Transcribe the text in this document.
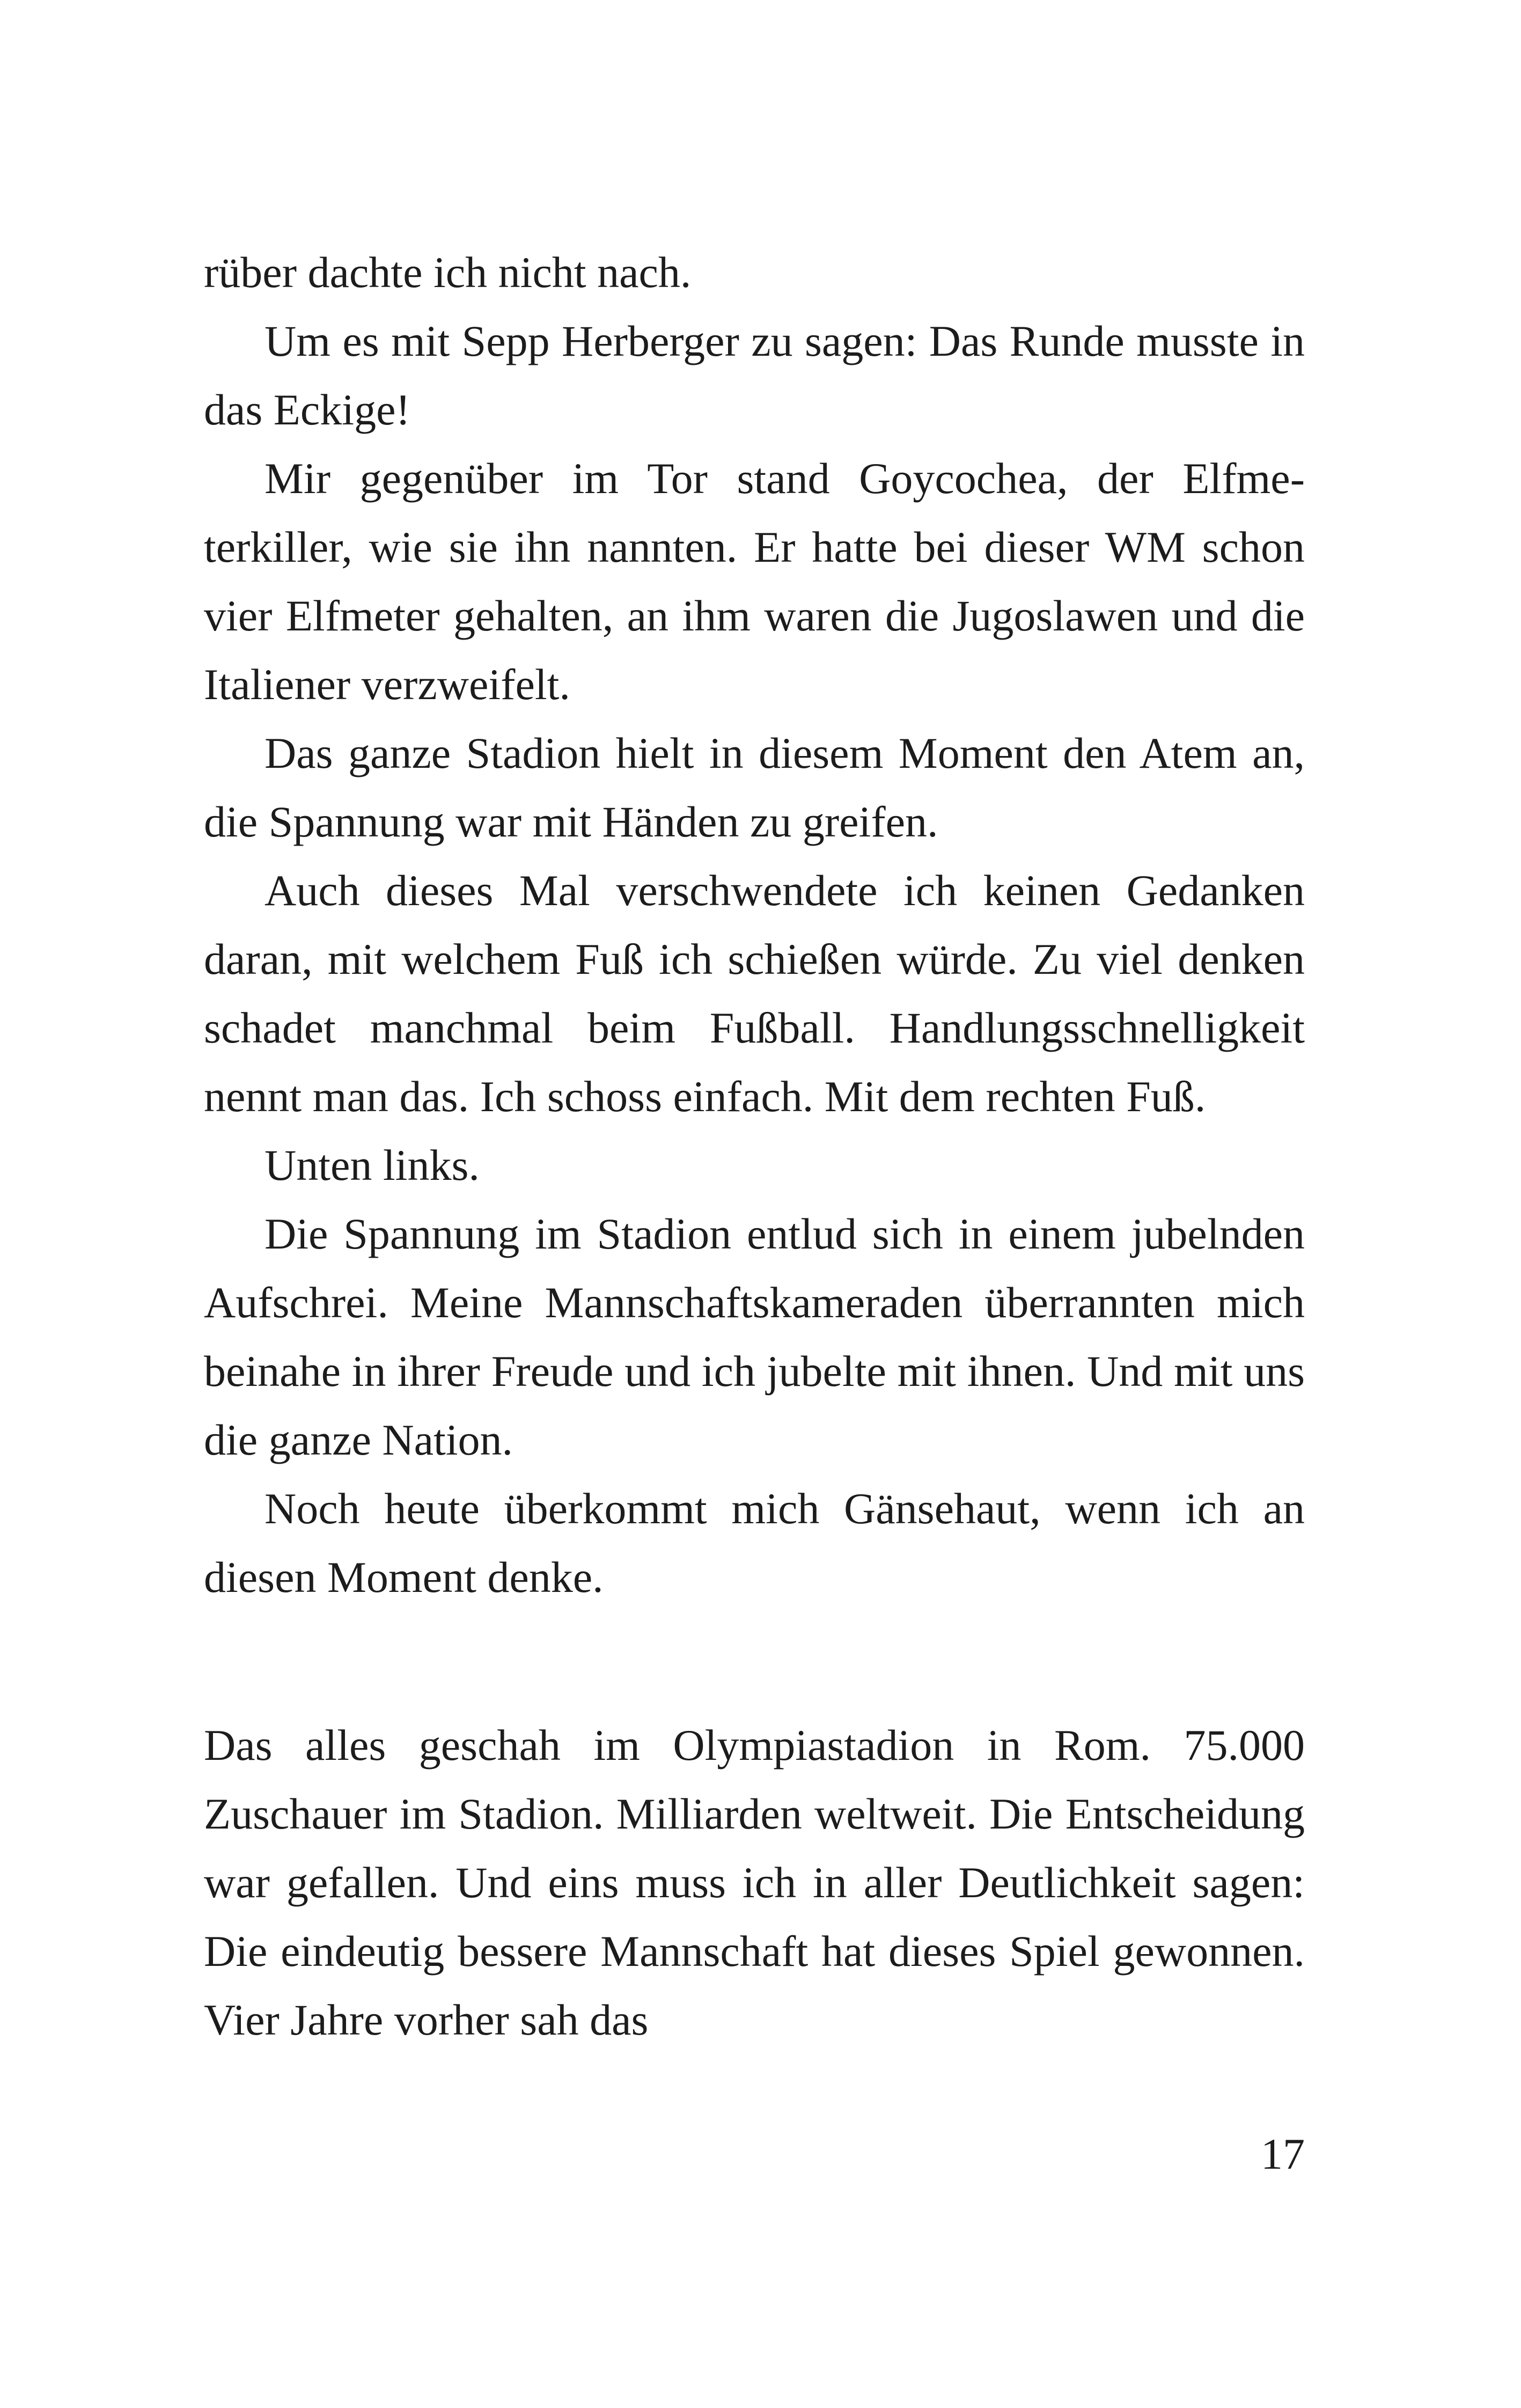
rüber dachte ich nicht nach.

Um es mit Sepp Herberger zu sagen: Das Runde musste in das Eckige!

Mir gegenüber im Tor stand Goycochea, der Elfmeterkiller, wie sie ihn nannten. Er hatte bei dieser WM schon vier Elfmeter gehalten, an ihm waren die Jugoslawen und die Italiener verzweifelt.

Das ganze Stadion hielt in diesem Moment den Atem an, die Spannung war mit Händen zu greifen.

Auch dieses Mal verschwendete ich keinen Gedanken daran, mit welchem Fuß ich schießen würde. Zu viel denken schadet manchmal beim Fußball. Handlungsschnelligkeit nennt man das. Ich schoss einfach. Mit dem rechten Fuß.

Unten links.

Die Spannung im Stadion entlud sich in einem jubelnden Aufschrei. Meine Mannschaftskameraden überrannten mich beinahe in ihrer Freude und ich jubelte mit ihnen. Und mit uns die ganze Nation.

Noch heute überkommt mich Gänsehaut, wenn ich an diesen Moment denke.

Das alles geschah im Olympiastadion in Rom. 75.000 Zuschauer im Stadion. Milliarden weltweit. Die Entscheidung war gefallen. Und eins muss ich in aller Deutlichkeit sagen: Die eindeutig bessere Mannschaft hat dieses Spiel gewonnen. Vier Jahre vorher sah das

17
